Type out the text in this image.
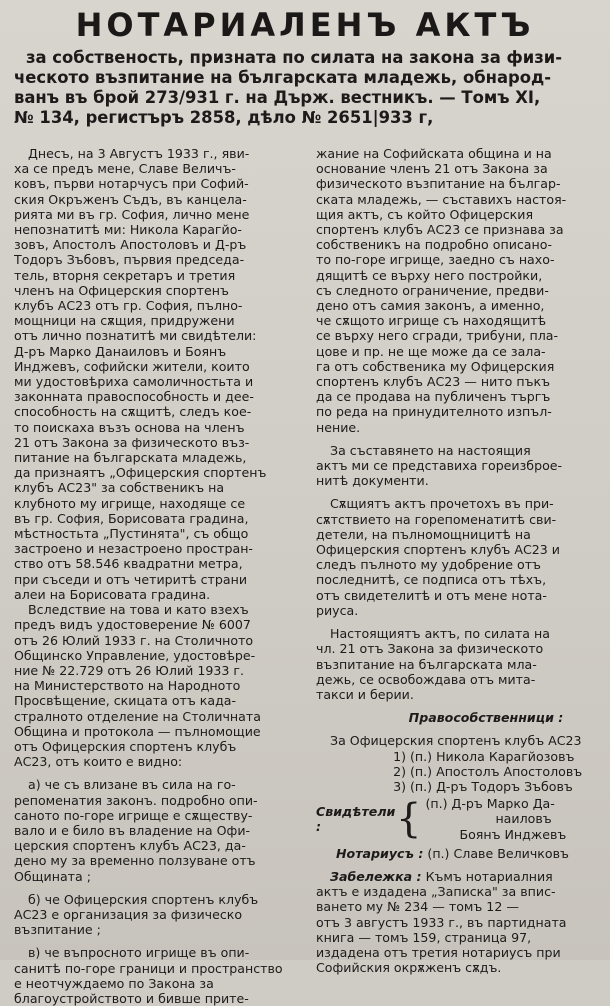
НОТАРИАЛЕНЪ АКТЪ
за собственость, призната по силата на закона за физи-
ческото възпитание на българската младежь, обнарод-
ванъ въ брой 273/931 г. на Държ. вестникъ. — Томъ XI,
№ 134, регистъръ 2858, дѣло № 2651|933 г,
Днесъ, на 3 Августъ 1933 г., яви-
ха се предъ мене, Славе Величъ-
ковъ, първи нотарчусъ при Софий-
ския Окръженъ Съдъ, въ канцела-
рията ми въ гр. София, лично мене
непознатитѣ ми: Никола Карагйо-
зовъ, Апостолъ Апостоловъ и Д-ръ
Тодоръ Зъбовъ, първия председа-
тель, вторня секретаръ и третия
членъ на Офицерския спортенъ
клубъ АС23 отъ гр. София, пълно-
мощници на сѫщия, придружени
отъ лично познатитѣ ми свидѣтели:
Д-ръ Марко Данаиловъ и Боянъ
Инджевъ, софийски жители, които
ми удостовѣриха самоличностьта и
законната правоспособность и дее-
способность на сѫщитѣ, следъ кое-
то поискаха възъ основа на членъ
21 отъ Закона за физическото въз-
питание на българската младежь,
да признаятъ „Офицерския спортенъ
клубъ АС23" за собственикъ на
клубното му игрище, находяще се
въ гр. София, Борисовата градина,
мѣстностьта „Пустинята", съ общо
застроено и незастроено простран-
ство отъ 58.546 квадратни метра,
при съседи и отъ четиритѣ страни
алеи на Борисовата градина.
Вследствие на това и като взехъ
предъ видъ удостоверение № 6007
отъ 26 Юлий 1933 г. на Столичното
Общинско Управление, удостовѣре-
ние № 22.729 отъ 26 Юлий 1933 г.
на Министерството на Народното
Просвѣщение, скицата отъ када-
стралното отделение на Столичната
Община и протокола — пълномощие
отъ Офицерския спортенъ клубъ
АС23, отъ които е видно:
а) че съ влизане въ сила на го-
репоменатия законъ. подробно опи-
саното по-горе игрище е сѫществу-
вало и е било въ владение на Офи-
церския спортенъ клубъ АС23, да-
дено му за временно ползуване отъ
Общината ;
б) че Офицерския спортенъ клубъ
АС23 е организация за физическо
възпитание ;
в) че въпросното игрище въ опи-
санитѣ по-горе граници и пространство
е неотчуждаемо по Закона за
благоустройството и бивше прите-
жание на Софийската община и на
основание членъ 21 отъ Закона за
физическото възпитание на българ-
ската младежь, — съставихъ настоя-
щия актъ, съ който Офицерския
спортенъ клубъ АС23 се признава за
собственикъ на подробно описано-
то по-горе игрище, заедно съ нахо-
дящитѣ се върху него постройки,
съ следното ограничение, предви-
дено отъ самия законъ, а именно,
че сѫщото игрище съ находящитѣ
се върху него сгради, трибуни, пла-
цове и пр. не ще може да се зала-
га отъ собственика му Офицерския
спортенъ клубъ АС23 — нито пъкъ
да се продава на публиченъ търгъ
по реда на принудителното изпъл-
нение.
За съставянето на настоящия
актъ ми се представиха гореизброе-
нитѣ документи.
Сѫщиятъ актъ прочетохъ въ при-
сѫтствието на горепоменатитѣ сви-
детели, на пълномощницитѣ на
Офицерския спортенъ клубъ АС23 и
следъ пълното му удобрение отъ
последнитѣ, се подписа отъ тѣхъ,
отъ свидетелитѣ и отъ мене нота-
риуса.
Настоящиятъ актъ, по силата на
чл. 21 отъ Закона за физическото
възпитание на българската мла-
дежь, се освобождава отъ мита-
такси и берии.
Правособственници :
За Офицерския спортенъ клубъ АС23
1) (п.) Никола Карагйозовъ
2) (п.) Апостолъ Апостоловъ
3) (п.) Д-ръ Тодоръ Зъбовъ
Свидѣтели :	{ (п.) Д-ръ Марко Да-
наиловъ
Боянъ Инджевъ
Нотариусъ : (п.) Славе Величковъ
Забележка : Къмъ нотариалния
актъ е издадена „Записка" за впис-
ването му № 234 — томъ 12 —
отъ 3 августъ 1933 г., въ партидната
книга — томъ 159, страница 97,
издадена отъ третия нотариусъ при
Софийския окрѫженъ сѫдъ.
